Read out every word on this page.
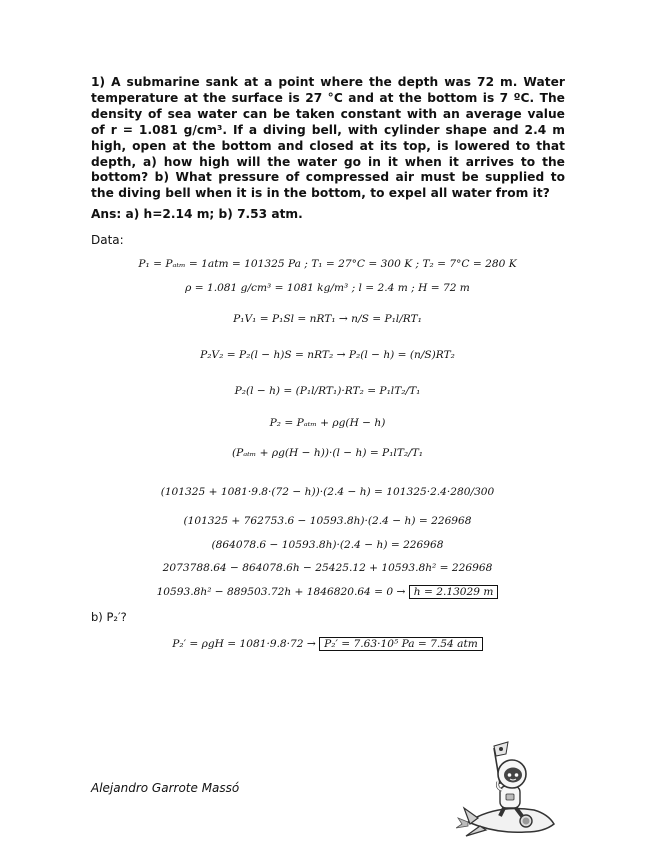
1) A submarine sank at a point where the depth was 72 m. Water temperature at the surface is 27 °C and at the bottom is 7 ºC. The density of sea water can be taken constant with an average value of r = 1.081 g/cm³. If a diving bell, with cylinder shape and 2.4 m high, open at the bottom and closed at its top, is lowered to that depth, a) how high will the water go in it when it arrives to the bottom? b) What pressure of compressed air must be supplied to the diving bell when it is in the bottom, to expel all water from it?
Ans: a) h=2.14 m; b) 7.53 atm.
Data:
P₁ = Pₐₜₘ = 1atm = 101325 Pa ; T₁ = 27°C = 300 K ; T₂ = 7°C = 280 K
ρ = 1.081 g/cm³ = 1081 kg/m³ ; l = 2.4 m ; H = 72 m
P₁V₁ = P₁Sl = nRT₁ → n/S = P₁l/RT₁
P₂V₂ = P₂(l − h)S = nRT₂ → P₂(l − h) = (n/S)RT₂
P₂(l − h) = (P₁l/RT₁)·RT₂ = P₁lT₂/T₁
P₂ = Pₐₜₘ + ρg(H − h)
(Pₐₜₘ + ρg(H − h))·(l − h) = P₁lT₂/T₁
(101325 + 1081·9.8·(72 − h))·(2.4 − h) = 101325·2.4·280/300
(101325 + 762753.6 − 10593.8h)·(2.4 − h) = 226968
(864078.6 − 10593.8h)·(2.4 − h) = 226968
2073788.64 − 864078.6h − 25425.12 + 10593.8h² = 226968
10593.8h² − 889503.72h + 1846820.64 = 0 → h = 2.13029 m
b) P₂′?
P₂′ = ρgH = 1081·9.8·72 → P₂′ = 7.63·10⁵ Pa = 7.54 atm
Alejandro Garrote Massó
